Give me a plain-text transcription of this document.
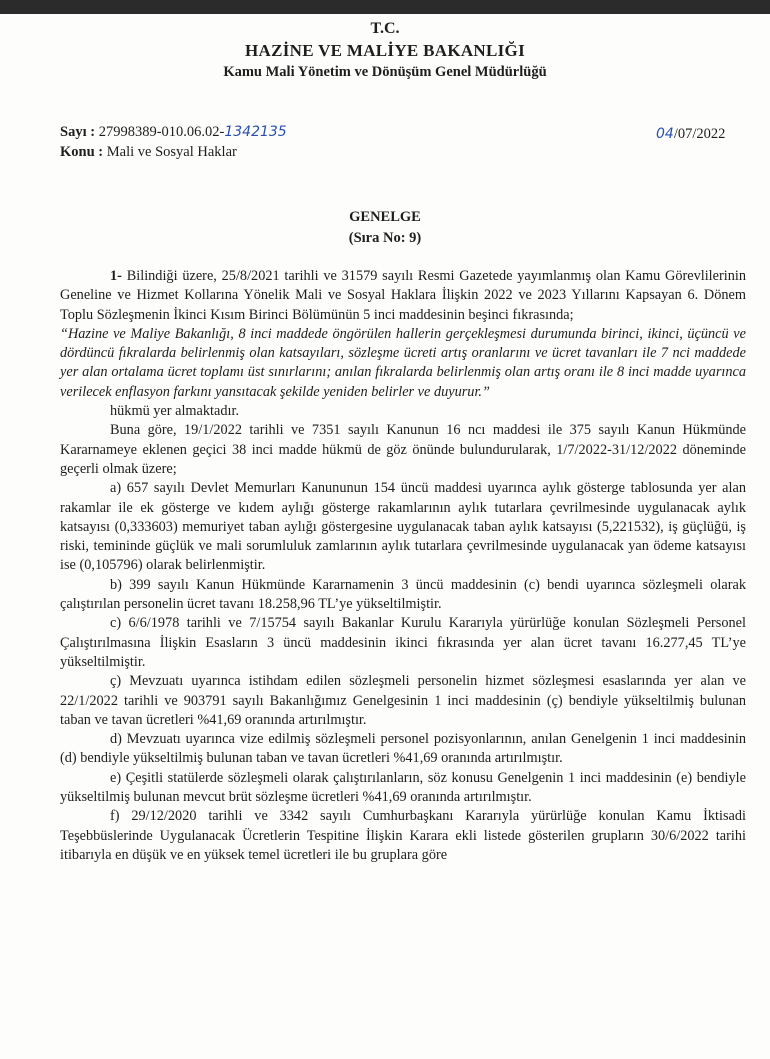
T.C.
HAZİNE VE MALİYE BAKANLIĞI
Kamu Mali Yönetim ve Dönüşüm Genel Müdürlüğü
Sayı : 27998389-010.06.02-1342135	04/07/2022
Konu : Mali ve Sosyal Haklar
GENELGE
(Sıra No: 9)

1- Bilindiği üzere, 25/8/2021 tarihli ve 31579 sayılı Resmi Gazetede yayımlanmış olan Kamu Görevlilerinin Geneline ve Hizmet Kollarına Yönelik Mali ve Sosyal Haklara İlişkin 2022 ve 2023 Yıllarını Kapsayan 6. Dönem Toplu Sözleşmenin İkinci Kısım Birinci Bölümünün 5 inci maddesinin beşinci fıkrasında;

“Hazine ve Maliye Bakanlığı, 8 inci maddede öngörülen hallerin gerçekleşmesi durumunda birinci, ikinci, üçüncü ve dördüncü fıkralarda belirlenmiş olan katsayıları, sözleşme ücreti artış oranlarını ve ücret tavanları ile 7 nci maddede yer alan ortalama ücret toplamı üst sınırlarını; anılan fıkralarda belirlenmiş olan artış oranı ile 8 inci madde uyarınca verilecek enflasyon farkını yansıtacak şekilde yeniden belirler ve duyurur.”

hükmü yer almaktadır.

Buna göre, 19/1/2022 tarihli ve 7351 sayılı Kanunun 16 ncı maddesi ile 375 sayılı Kanun Hükmünde Kararnameye eklenen geçici 38 inci madde hükmü de göz önünde bulundurularak, 1/7/2022-31/12/2022 döneminde geçerli olmak üzere;

a) 657 sayılı Devlet Memurları Kanununun 154 üncü maddesi uyarınca aylık gösterge tablosunda yer alan rakamlar ile ek gösterge ve kıdem aylığı gösterge rakamlarının aylık tutarlara çevrilmesinde uygulanacak aylık katsayısı (0,333603) memuriyet taban aylığı göstergesine uygulanacak taban aylık katsayısı (5,221532), iş güçlüğü, iş riski, temininde güçlük ve mali sorumluluk zamlarının aylık tutarlara çevrilmesinde uygulanacak yan ödeme katsayısı ise (0,105796) olarak belirlenmiştir.

b) 399 sayılı Kanun Hükmünde Kararnamenin 3 üncü maddesinin (c) bendi uyarınca sözleşmeli olarak çalıştırılan personelin ücret tavanı 18.258,96 TL’ye yükseltilmiştir.

c) 6/6/1978 tarihli ve 7/15754 sayılı Bakanlar Kurulu Kararıyla yürürlüğe konulan Sözleşmeli Personel Çalıştırılmasına İlişkin Esasların 3 üncü maddesinin ikinci fıkrasında yer alan ücret tavanı 16.277,45 TL’ye yükseltilmiştir.

ç) Mevzuatı uyarınca istihdam edilen sözleşmeli personelin hizmet sözleşmesi esaslarında yer alan ve 22/1/2022 tarihli ve 903791 sayılı Bakanlığımız Genelgesinin 1 inci maddesinin (ç) bendiyle yükseltilmiş bulunan taban ve tavan ücretleri %41,69 oranında artırılmıştır.

d) Mevzuatı uyarınca vize edilmiş sözleşmeli personel pozisyonlarının, anılan Genelgenin 1 inci maddesinin (d) bendiyle yükseltilmiş bulunan taban ve tavan ücretleri %41,69 oranında artırılmıştır.

e) Çeşitli statülerde sözleşmeli olarak çalıştırılanların, söz konusu Genelgenin 1 inci maddesinin (e) bendiyle yükseltilmiş bulunan mevcut brüt sözleşme ücretleri %41,69 oranında artırılmıştır.

f) 29/12/2020 tarihli ve 3342 sayılı Cumhurbaşkanı Kararıyla yürürlüğe konulan Kamu İktisadi Teşebbüslerinde Uygulanacak Ücretlerin Tespitine İlişkin Karara ekli listede gösterilen grupların 30/6/2022 tarihi itibarıyla en düşük ve en yüksek temel ücretleri ile bu gruplara göre
